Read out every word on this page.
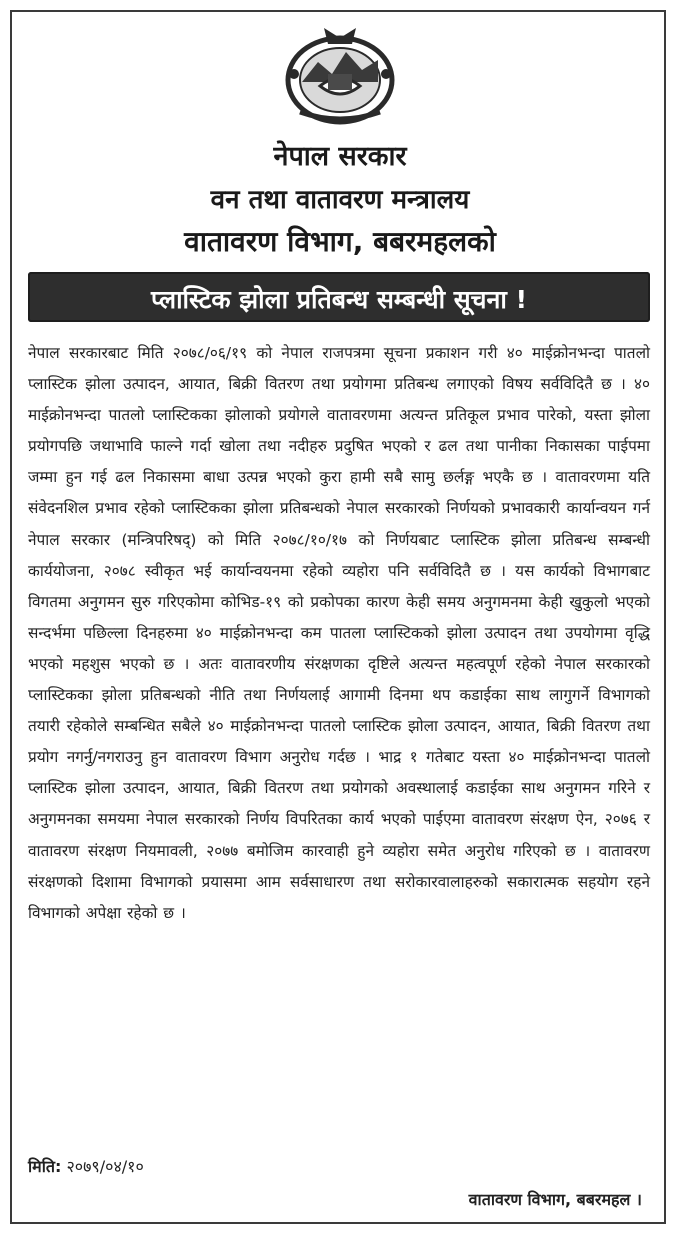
नेपाल सरकार
वन तथा वातावरण मन्त्रालय
वातावरण विभाग, बबरमहलको
प्लास्टिक झोला प्रतिबन्ध सम्बन्धी सूचना !
नेपाल सरकारबाट मिति २०७८/०६/१९ को नेपाल राजपत्रमा सूचना प्रकाशन गरी ४० माईक्रोनभन्दा पातलो प्लास्टिक झोला उत्पादन, आयात, बिक्री वितरण तथा प्रयोगमा प्रतिबन्ध लगाएको विषय सर्वविदितै छ । ४० माईक्रोनभन्दा पातलो प्लास्टिकका झोलाको प्रयोगले वातावरणमा अत्यन्त प्रतिकूल प्रभाव पारेको, यस्ता झोला प्रयोगपछि जथाभावि फाल्ने गर्दा खोला तथा नदीहरु प्रदुषित भएको र ढल तथा पानीका निकासका पाईपमा जम्मा हुन गई ढल निकासमा बाधा उत्पन्न भएको कुरा हामी सबै सामु छर्लङ्ग भएकै छ । वातावरणमा यति संवेदनशिल प्रभाव रहेको प्लास्टिकका झोला प्रतिबन्धको नेपाल सरकारको निर्णयको प्रभावकारी कार्यान्वयन गर्न नेपाल सरकार (मन्त्रिपरिषद्) को मिति २०७८/१०/१७ को निर्णयबाट प्लास्टिक झोला प्रतिबन्ध सम्बन्धी कार्ययोजना, २०७८ स्वीकृत भई कार्यान्वयनमा रहेको व्यहोरा पनि सर्वविदितै छ । यस कार्यको विभागबाट विगतमा अनुगमन सुरु गरिएकोमा कोभिड-१९ को प्रकोपका कारण केही समय अनुगमनमा केही खुकुलो भएको सन्दर्भमा पछिल्ला दिनहरुमा ४० माईक्रोनभन्दा कम पातला प्लास्टिकको झोला उत्पादन तथा उपयोगमा वृद्धि भएको महशुस भएको छ । अतः वातावरणीय संरक्षणका दृष्टिले अत्यन्त महत्वपूर्ण रहेको नेपाल सरकारको प्लास्टिकका झोला प्रतिबन्धको नीति तथा निर्णयलाई आगामी दिनमा थप कडाईका साथ लागुगर्ने विभागको तयारी रहेकोले सम्बन्धित सबैले ४० माईक्रोनभन्दा पातलो प्लास्टिक झोला उत्पादन, आयात, बिक्री वितरण तथा प्रयोग नगर्नु/नगराउनु हुन वातावरण विभाग अनुरोध गर्दछ । भाद्र १ गतेबाट यस्ता ४० माईक्रोनभन्दा पातलो प्लास्टिक झोला उत्पादन, आयात, बिक्री वितरण तथा प्रयोगको अवस्थालाई कडाईका साथ अनुगमन गरिने र अनुगमनका समयमा नेपाल सरकारको निर्णय विपरितका कार्य भएको पाईएमा वातावरण संरक्षण ऐन, २०७६ र वातावरण संरक्षण नियमावली, २०७७ बमोजिम कारवाही हुने व्यहोरा समेत अनुरोध गरिएको छ । वातावरण संरक्षणको दिशामा विभागको प्रयासमा आम सर्वसाधारण तथा सरोकारवालाहरुको सकारात्मक सहयोग रहने विभागको अपेक्षा रहेको छ ।
मिति: २०७९/०४/१०
वातावरण विभाग, बबरमहल ।
